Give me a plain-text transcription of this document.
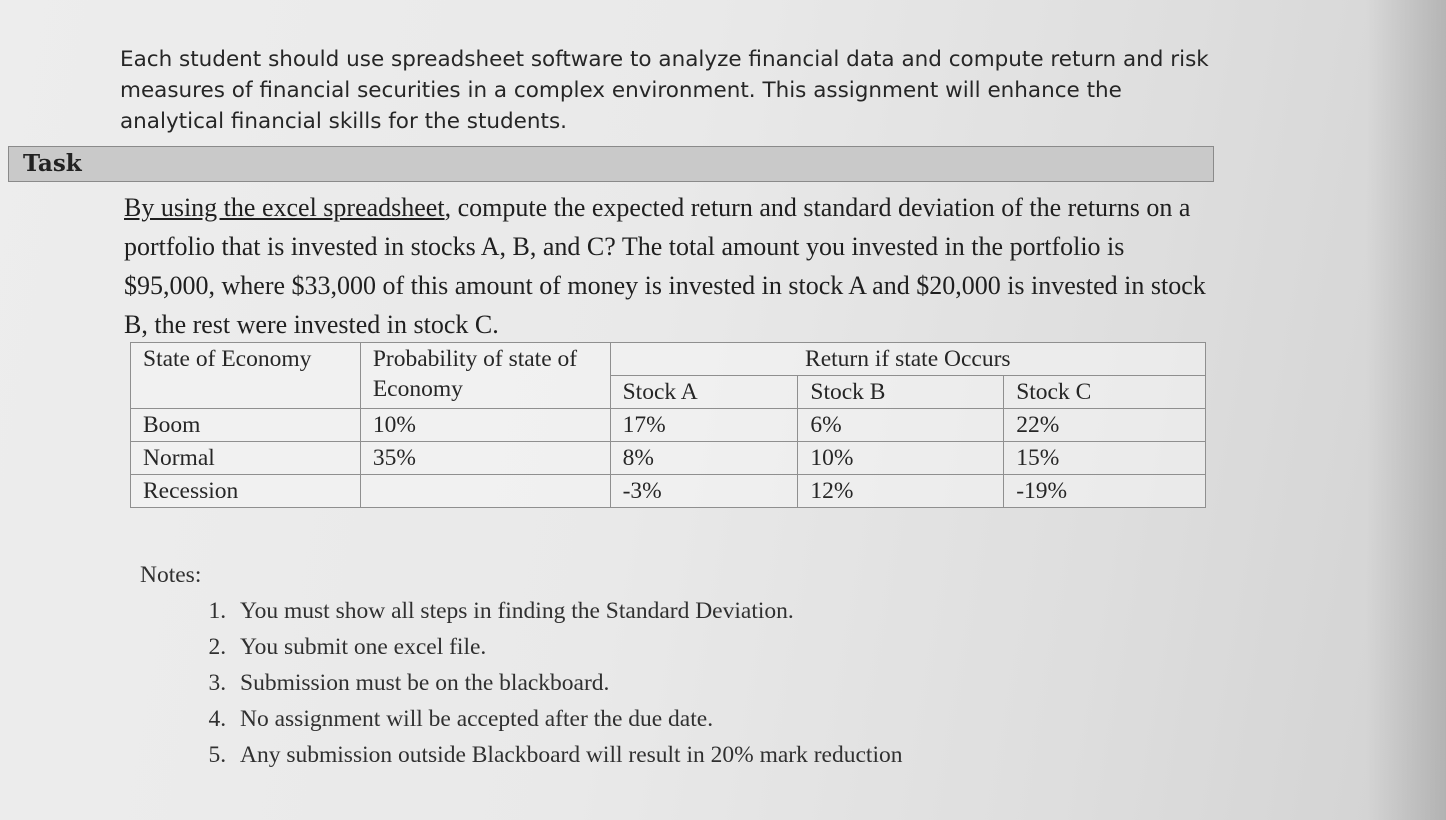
Each student should use spreadsheet software to analyze financial data and compute return and risk measures of financial securities in a complex environment. This assignment will enhance the analytical financial skills for the students.
Task
By using the excel spreadsheet, compute the expected return and standard deviation of the returns on a portfolio that is invested in stocks A, B, and C? The total amount you invested in the portfolio is $95,000, where $33,000 of this amount of money is invested in stock A and $20,000 is invested in stock B, the rest were invested in stock C.
State of Economy	Probability of state of Economy	Return if state Occurs		
		Stock A	Stock B	Stock C
Boom	10%	17%	6%	22%
Normal	35%	8%	10%	15%
Recession		-3%	12%	-19%
Notes:
1. You must show all steps in finding the Standard Deviation.
2. You submit one excel file.
3. Submission must be on the blackboard.
4. No assignment will be accepted after the due date.
5. Any submission outside Blackboard will result in 20% mark reduction
